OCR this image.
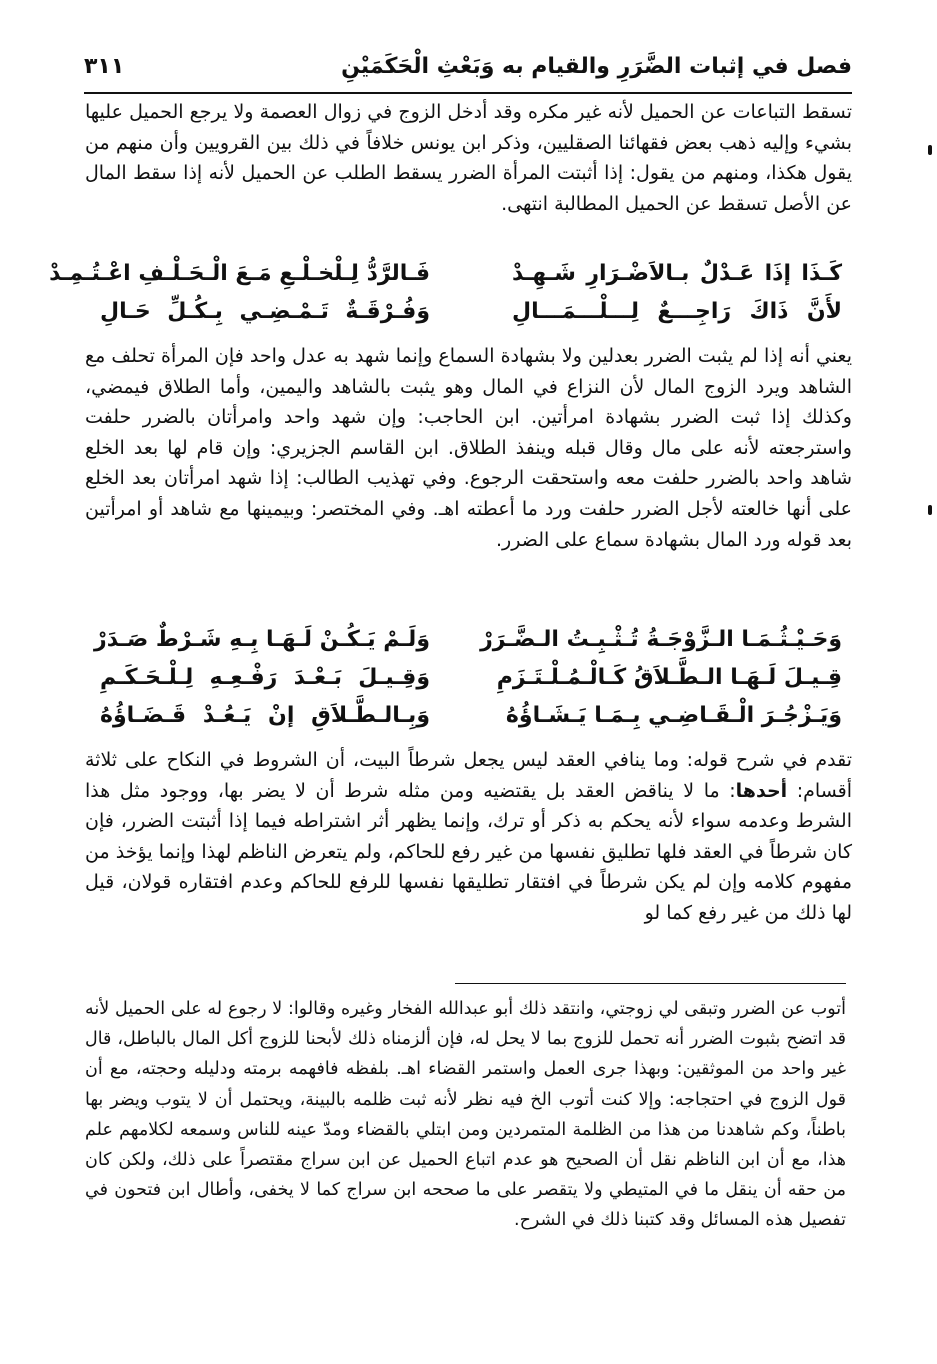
فصل في إثبات الضَّرَرِ والقيام به وَبَعْثِ الْحَكَمَيْنِ
٣١١

تسقط التباعات عن الحميل لأنه غير مكره وقد أدخل الزوج في زوال العصمة ولا يرجع الحميل عليها بشيء وإليه ذهب بعض فقهائنا الصقليين، وذكر ابن يونس خلافاً في ذلك بين القرويين وأن منهم من يقول هكذا، ومنهم من يقول: إذا أثبتت المرأة الضرر يسقط الطلب عن الحميل لأنه إذا سقط المال عن الأصل تسقط عن الحميل المطالبة انتهى.

كَـذَا إذَا عَـدْلٌ بـالاَضْـرَارِ شَـهِـدْ
فَـالرَّدُّ لِـلْخـلْـعِ مَـعَ الْـحَـلْـفِ اعْـتُـمِـدْ
لأَنَّ ذَاكَ رَاجِـــعٌ لِـــلْـــمَـــالِ
وَفُـرْقَـةٌ تَـمْـضِـي بِـكُـلِّ حَـالِ

يعني أنه إذا لم يثبت الضرر بعدلين ولا بشهادة السماع وإنما شهد به عدل واحد فإن المرأة تحلف مع الشاهد ويرد الزوج المال لأن النزاع في المال وهو يثبت بالشاهد واليمين، وأما الطلاق فيمضي، وكذلك إذا ثبت الضرر بشهادة امرأتين. ابن الحاجب: وإن شهد واحد وامرأتان بالضرر حلفت واسترجعته لأنه على مال وقال قبله وينفذ الطلاق. ابن القاسم الجزيري: وإن قام لها بعد الخلع شاهد واحد بالضرر حلفت معه واستحقت الرجوع. وفي تهذيب الطالب: إذا شهد امرأتان بعد الخلع على أنها خالعته لأجل الضرر حلفت ورد ما أعطته اهـ. وفي المختصر: وبيمينها مع شاهد أو امرأتين بعد قوله ورد المال بشهادة سماع على الضرر.

وَحَـيْـثُـمَـا الـزَّوْجَـةُ تُـثْـبِـتُ الـضَّـرَرْ
وَلَـمْ يَـكُـنْ لَـهَـا بِـهِ شَـرْطٌ صَـدَرْ
قِـيـلَ لَـهَـا الـطَّـلاَقُ كَـالْـمُـلْـتَـزَمِ
وَقِـيـلَ بَـعْـدَ رَفْـعِـهِ لِـلْـحَـكَـمِ
وَيَـزْجُـرَ الْـقَـاضِـي بِـمَـا يَـشَـاؤُهُ
وَبِـالـطَّـلاَقِ إنْ يَـعُـدْ قَـضَـاؤُهُ

تقدم في شرح قوله: وما ينافي العقد ليس يجعل شرطاً البيت، أن الشروط في النكاح على ثلاثة أقسام: أحدها: ما لا يناقض العقد بل يقتضيه ومن مثله شرط أن لا يضر بها، ووجود مثل هذا الشرط وعدمه سواء لأنه يحكم به ذكر أو ترك، وإنما يظهر أثر اشتراطه فيما إذا أثبتت الضرر، فإن كان شرطاً في العقد فلها تطليق نفسها من غير رفع للحاكم، ولم يتعرض الناظم لهذا وإنما يؤخذ من مفهوم كلامه وإن لم يكن شرطاً في افتقار تطليقها نفسها للرفع للحاكم وعدم افتقاره قولان، قيل لها ذلك من غير رفع كما لو

أتوب عن الضرر وتبقى لي زوجتي، وانتقد ذلك أبو عبدالله الفخار وغيره وقالوا: لا رجوع له على الحميل لأنه قد اتضح بثبوت الضرر أنه تحمل للزوج بما لا يحل له، فإن ألزمناه ذلك لأبحنا للزوج أكل المال بالباطل، قال غير واحد من الموثقين: وبهذا جرى العمل واستمر القضاء اهـ. بلفظه فافهمه برمته ودليله وحجته، مع أن قول الزوج في احتجاجه: وإلا كنت أتوب الخ فيه نظر لأنه ثبت ظلمه بالبينة، ويحتمل أن لا يتوب ويضر بها باطناً، وكم شاهدنا من هذا من الظلمة المتمردين ومن ابتلي بالقضاء ومدّ عينه للناس وسمعه لكلامهم علم هذا، مع أن ابن الناظم نقل أن الصحيح هو عدم اتباع الحميل عن ابن سراج مقتصراً على ذلك، ولكن كان من حقه أن ينقل ما في المتيطي ولا يتقصر على ما صححه ابن سراج كما لا يخفى، وأطال ابن فتحون في تفصيل هذه المسائل وقد كتبنا ذلك في الشرح.
